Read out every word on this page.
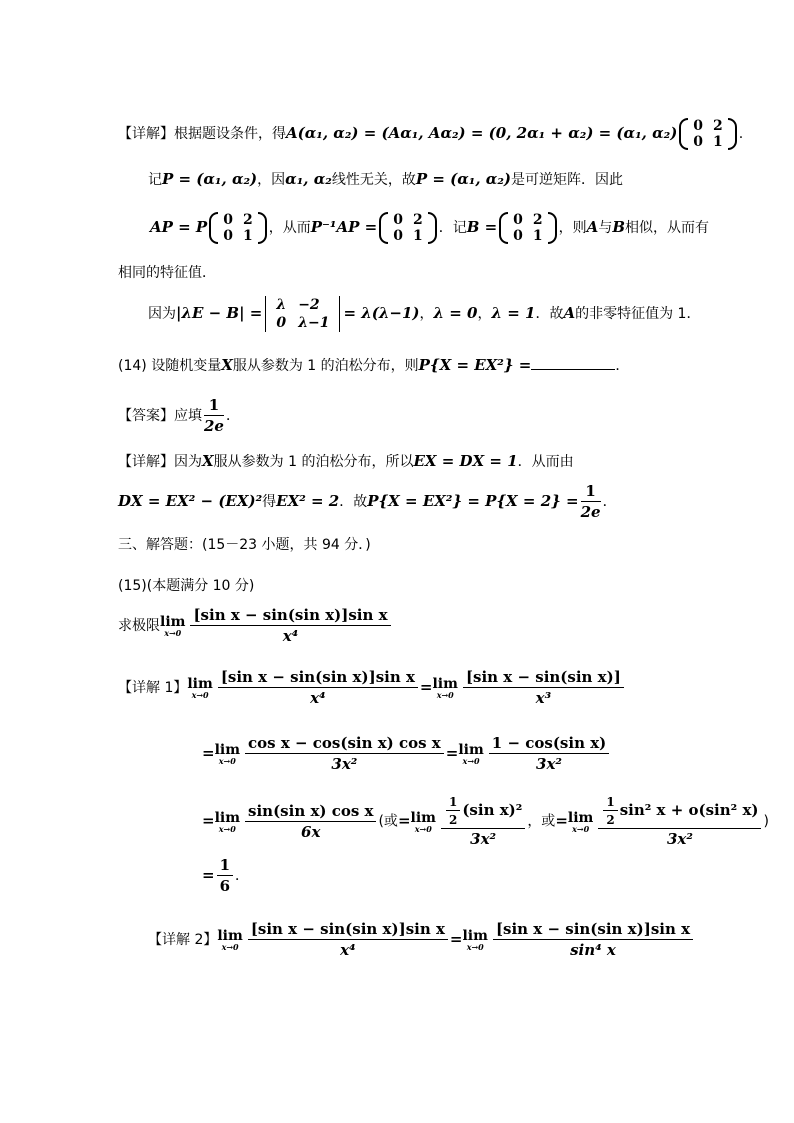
【详解】根据题设条件，得A(α₁, α₂) = (Aα₁, Aα₂) = (0, 2α₁ + α₂) = (α₁, α₂) 0	2
0	1 .
记P = (α₁, α₂)，因α₁, α₂线性无关，故P = (α₁, α₂)是可逆矩阵．因此
AP = P 0	2
0	1 ，从而P⁻¹AP = 0	2
0	1 ．记B = 0	2
0	1 ，则A与B相似，从而有
相同的特征值．
因为|λE − B| = λ	−2
0	λ−1
= λ(λ−1)，λ = 0，λ = 1．故A的非零特征值为 1．
(14) 设随机变量X服从参数为 1 的泊松分布，则P{X = EX²} =	．
【答案】应填 $\frac{1}{2e}$ ．
【详解】因为X服从参数为 1 的泊松分布，所以EX = DX = 1．从而由
DX = EX² − (EX)²得EX² = 2．故$P\{X = EX^2\} = P\{X = 2\} = \frac{1}{2e}$ ．
三、解答题：(15－23 小题，共 94 分．)
(15)(本题满分 10 分)
求极限 lim
$x\to 0 \frac{\text{[sin x − sin(sin x)]sin x}}{\text{x⁴}}$
【详解 1】 lim
$x\to 0 \frac{\text{[sin x − sin(sin x)]sin x}}{\text{x⁴}} = \lim$
$x\to 0 \frac{\text{[sin x − sin(sin x)]}}{\text{x³}}$
= lim
$x\to 0 \frac{\text{cos x − cos(sin x) cos x}}{\text{3x²}} = \lim$
$x\to 0 \frac{\text{1 − cos(sin x)}}{\text{3x²}}$
= lim
$x\to 0 \frac{\text{sin(sin x) cos x}}{6x}$ (或= lim
$x\to 0 \frac{\frac{1}{2} (\sin x)^2}{\text{3x²}}$ ，或= lim
$x\to 0 \frac{\frac{1}{2} \sin^2 x + o(\sin^2 x)}{\text{3x²}}$ )
= $\frac{1}{6}$ ．
【详解 2】 lim
$x\to 0 \frac{\text{[sin x − sin(sin x)]sin x}}{\text{x⁴}} = \lim$
$x\to 0 \frac{\text{[sin x − sin(sin x)]sin x}}{\text{sin⁴ x}}$
